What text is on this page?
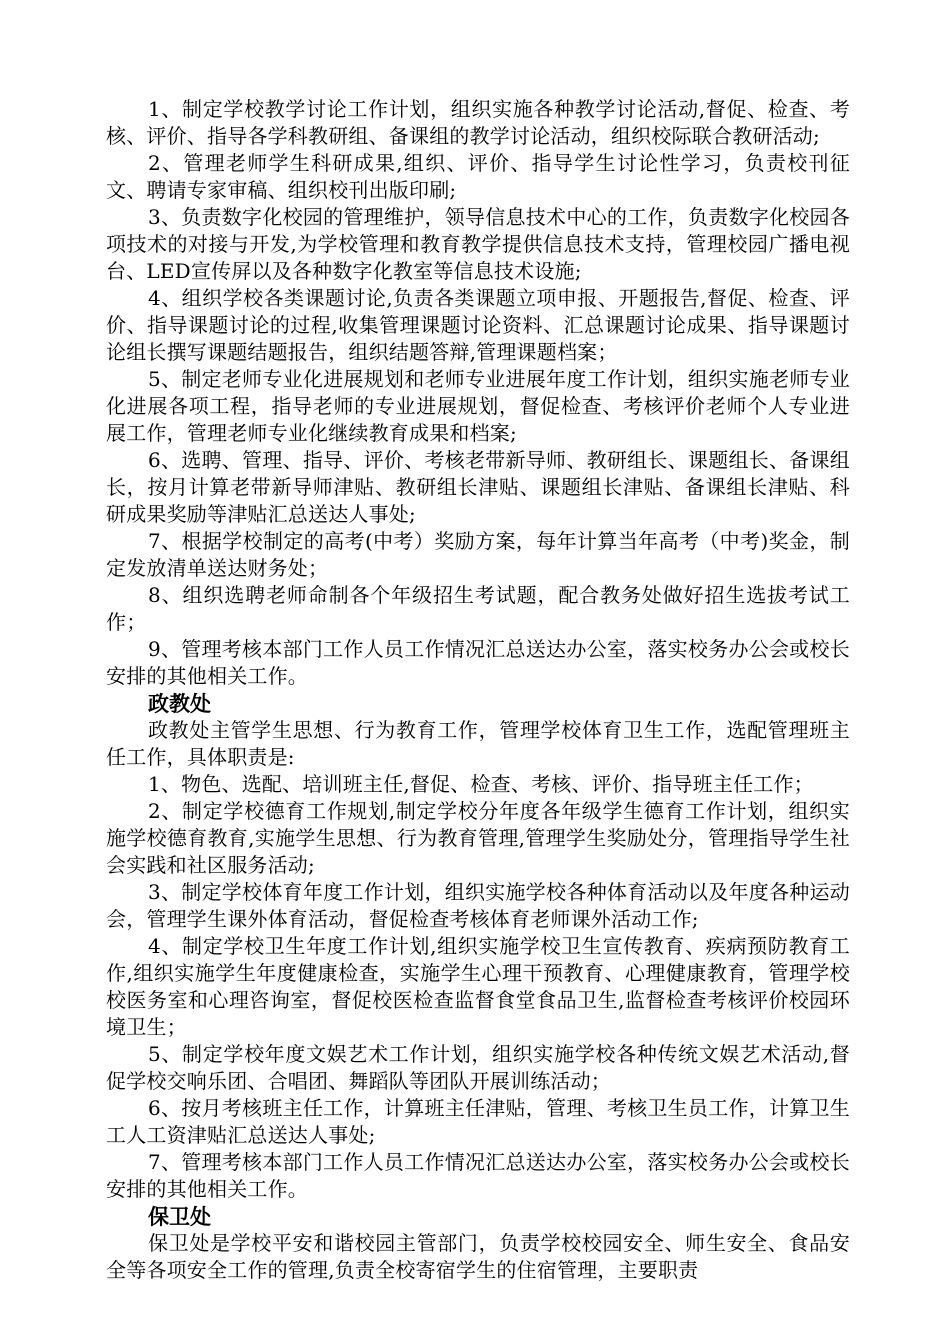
1、制定学校教学讨论工作计划，组织实施各种教学讨论活动,督促、检查、考核、评价、指导各学科教研组、备课组的教学讨论活动，组织校际联合教研活动;

2、管理老师学生科研成果,组织、评价、指导学生讨论性学习，负责校刊征文、聘请专家审稿、组织校刊出版印刷;

3、负责数字化校园的管理维护，领导信息技术中心的工作，负责数字化校园各项技术的对接与开发,为学校管理和教育教学提供信息技术支持，管理校园广播电视台、LED宣传屏以及各种数字化教室等信息技术设施;

4、组织学校各类课题讨论,负责各类课题立项申报、开题报告,督促、检查、评价、指导课题讨论的过程,收集管理课题讨论资料、汇总课题讨论成果、指导课题讨论组长撰写课题结题报告，组织结题答辩,管理课题档案；

5、制定老师专业化进展规划和老师专业进展年度工作计划，组织实施老师专业化进展各项工程，指导老师的专业进展规划，督促检查、考核评价老师个人专业进展工作，管理老师专业化继续教育成果和档案;

6、选聘、管理、指导、评价、考核老带新导师、教研组长、课题组长、备课组长，按月计算老带新导师津贴、教研组长津贴、课题组长津贴、备课组长津贴、科研成果奖励等津贴汇总送达人事处;

7、根据学校制定的高考(中考）奖励方案，每年计算当年高考（中考)奖金，制定发放清单送达财务处；

8、组织选聘老师命制各个年级招生考试题，配合教务处做好招生选拔考试工作；

9、管理考核本部门工作人员工作情况汇总送达办公室，落实校务办公会或校长安排的其他相关工作。

政教处

政教处主管学生思想、行为教育工作，管理学校体育卫生工作，选配管理班主任工作，具体职责是:

1、物色、选配、培训班主任,督促、检查、考核、评价、指导班主任工作；

2、制定学校德育工作规划,制定学校分年度各年级学生德育工作计划，组织实施学校德育教育,实施学生思想、行为教育管理,管理学生奖励处分，管理指导学生社会实践和社区服务活动;

3、制定学校体育年度工作计划，组织实施学校各种体育活动以及年度各种运动会，管理学生课外体育活动，督促检查考核体育老师课外活动工作;

4、制定学校卫生年度工作计划,组织实施学校卫生宣传教育、疾病预防教育工作,组织实施学生年度健康检查，实施学生心理干预教育、心理健康教育，管理学校校医务室和心理咨询室，督促校医检查监督食堂食品卫生,监督检查考核评价校园环境卫生；

5、制定学校年度文娱艺术工作计划，组织实施学校各种传统文娱艺术活动,督促学校交响乐团、合唱团、舞蹈队等团队开展训练活动；

6、按月考核班主任工作，计算班主任津贴，管理、考核卫生员工作，计算卫生工人工资津贴汇总送达人事处;

7、管理考核本部门工作人员工作情况汇总送达办公室，落实校务办公会或校长安排的其他相关工作。

保卫处

保卫处是学校平安和谐校园主管部门，负责学校校园安全、师生安全、食品安全等各项安全工作的管理,负责全校寄宿学生的住宿管理，主要职责
